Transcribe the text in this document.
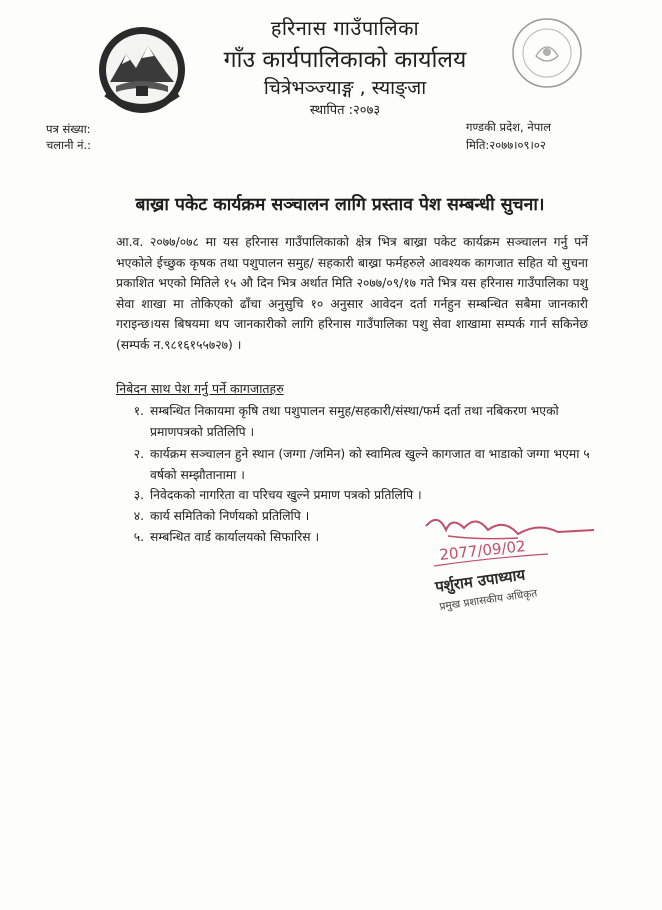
हरिनास गाउँपालिका
गाँउ कार्यपालिकाको कार्यालय
चित्रेभञ्ज्याङ्ग , स्याङ्जा
स्थापित :२०७३
पत्र संख्या:
चलानी नं.:
गण्डकी प्रदेश, नेपाल
मिति:२०७७।०९।०२
बाख्रा पकेट कार्यक्रम सञ्चालन लागि प्रस्ताव पेश सम्बन्धी सुचना।
आ.व. २०७७/०७८ मा यस हरिनास गाउँपालिकाको क्षेत्र भित्र बाख्रा पकेट कार्यक्रम सञ्चालन गर्नु पर्ने भएकोले ईच्छुक कृषक तथा पशुपालन समुह/ सहकारी बाख्रा फर्महरुले आवश्यक कागजात सहित यो सुचना प्रकाशित भएको मितिले १५ औ दिन भित्र अर्थात मिति २०७७/०९/१७ गते भित्र यस हरिनास गाउँपालिका पशु सेवा शाखा मा तोकिएको ढाँचा अनुसुचि १० अनुसार आवेदन दर्ता गर्नहुन सम्बन्धित सबैमा जानकारी गराइन्छ।यस बिषयमा थप जानकारीको लागि हरिनास गाउँपालिका पशु सेवा शाखामा सम्पर्क गार्न सकिनेछ (सम्पर्क न.९८१६१५५७२७) ।
निबेदन साथ पेश गर्नु पर्ने कागजातहरु
१. सम्बन्धित निकायमा कृषि तथा पशुपालन समुह/सहकारी/संस्था/फर्म दर्ता तथा नबिकरण भएको प्रमाणपत्रको प्रतिलिपि ।
२. कार्यक्रम सञ्चालन हुने स्थान (जग्गा /जमिन) को स्वामित्व खुल्ने कागजात वा भाडाको जग्गा भएमा ५ वर्षको सम्झौतानामा ।
३. निवेदकको नागरिता वा परिचय खुल्ने प्रमाण पत्रको प्रतिलिपि ।
४. कार्य समितिको निर्णयको प्रतिलिपि ।
५. सम्बन्धित वार्ड कार्यालयको सिफारिस ।
2077/09/02
पर्शुराम उपाध्याय
प्रमुख प्रशासकीय अधिकृत
